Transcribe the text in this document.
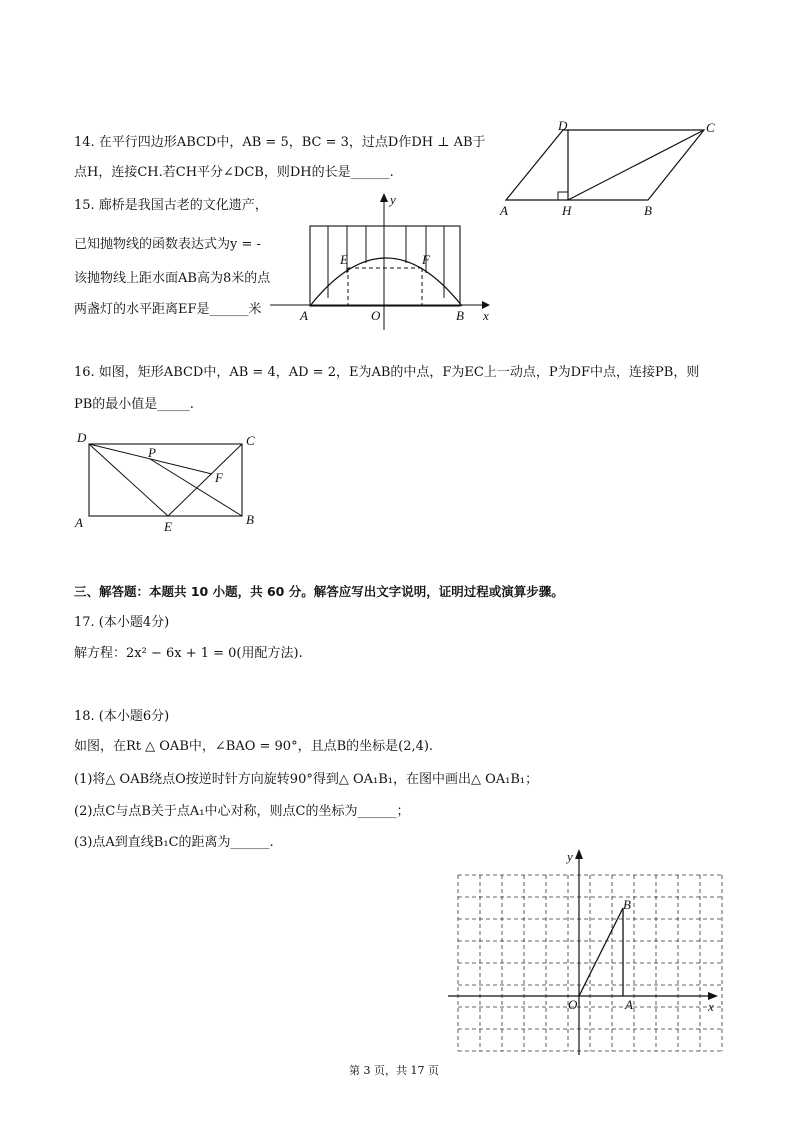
14. 在平行四边形ABCD中，AB = 5，BC = 3，过点D作DH ⊥ AB于
点H，连接CH.若CH平分∠DCB，则DH的长是______.
D	C
A	H	B
15. 廊桥是我国古老的文化遗产，
已知抛物线的函数表达式为y = -
该抛物线上距水面AB高为8米的点
两盏灯的水平距离EF是______米
y
x
E	F
A	O	B
16. 如图，矩形ABCD中，AB = 4，AD = 2，E为AB的中点，F为EC上一动点，P为DF中点，连接PB，则
PB的最小值是_____.
D	C
P
F
A	E	B
三、解答题：本题共 10 小题，共 60 分。解答应写出文字说明，证明过程或演算步骤。
17. (本小题4分)
解方程：2x² − 6x + 1 = 0(用配方法).
18. (本小题6分)
如图，在Rt △ OAB中，∠BAO = 90°，且点B的坐标是(2,4).
(1)将△ OAB绕点O按逆时针方向旋转90°得到△ OA₁B₁，在图中画出△ OA₁B₁；
(2)点C与点B关于点A₁中心对称，则点C的坐标为______；
(3)点A到直线B₁C的距离为______.
y
x
O	A
B
第 3 页，共 17 页
